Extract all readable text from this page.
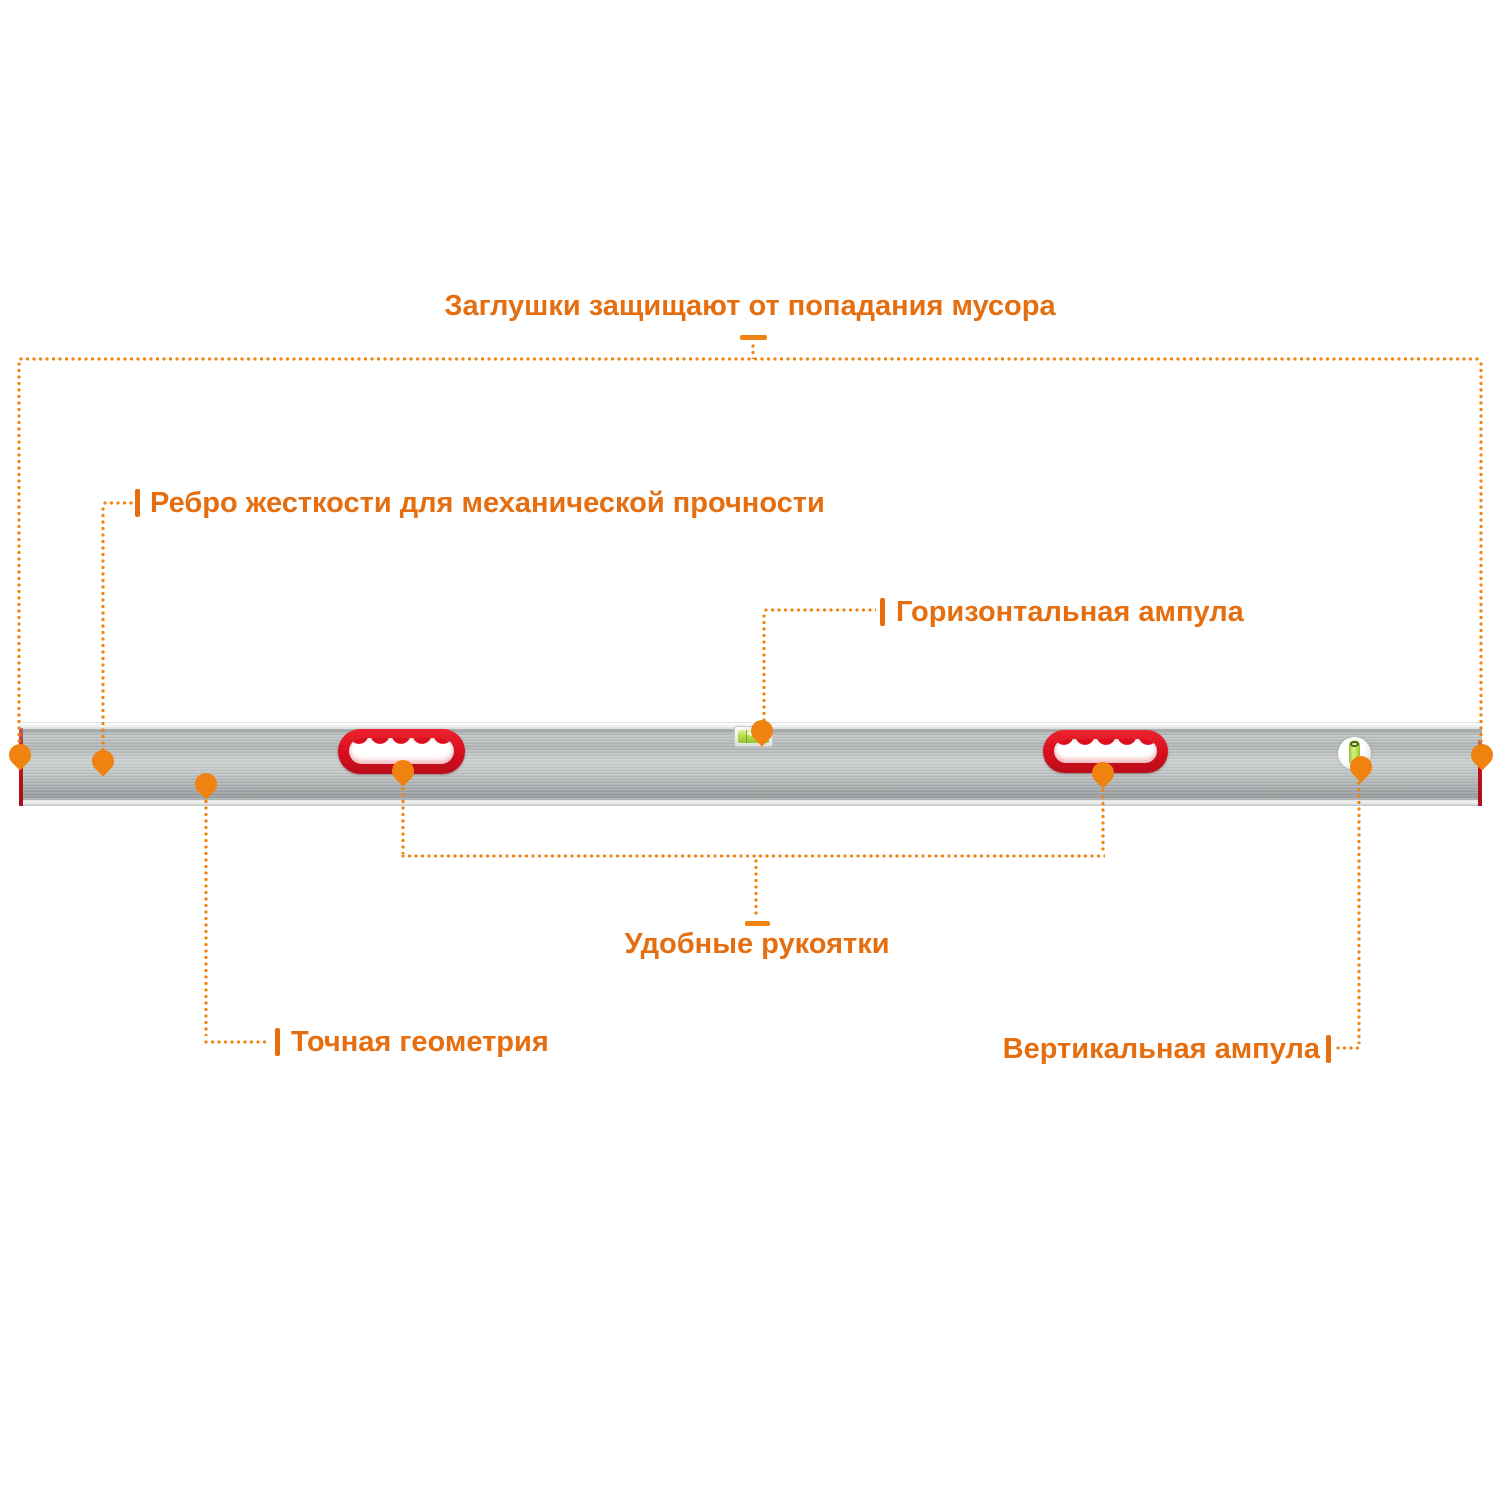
Заглушки защищают от попадания мусора
Ребро жесткости для механической прочности
Горизонтальная ампула
Удобные рукоятки
Точная геометрия	Вертикальная ампула
